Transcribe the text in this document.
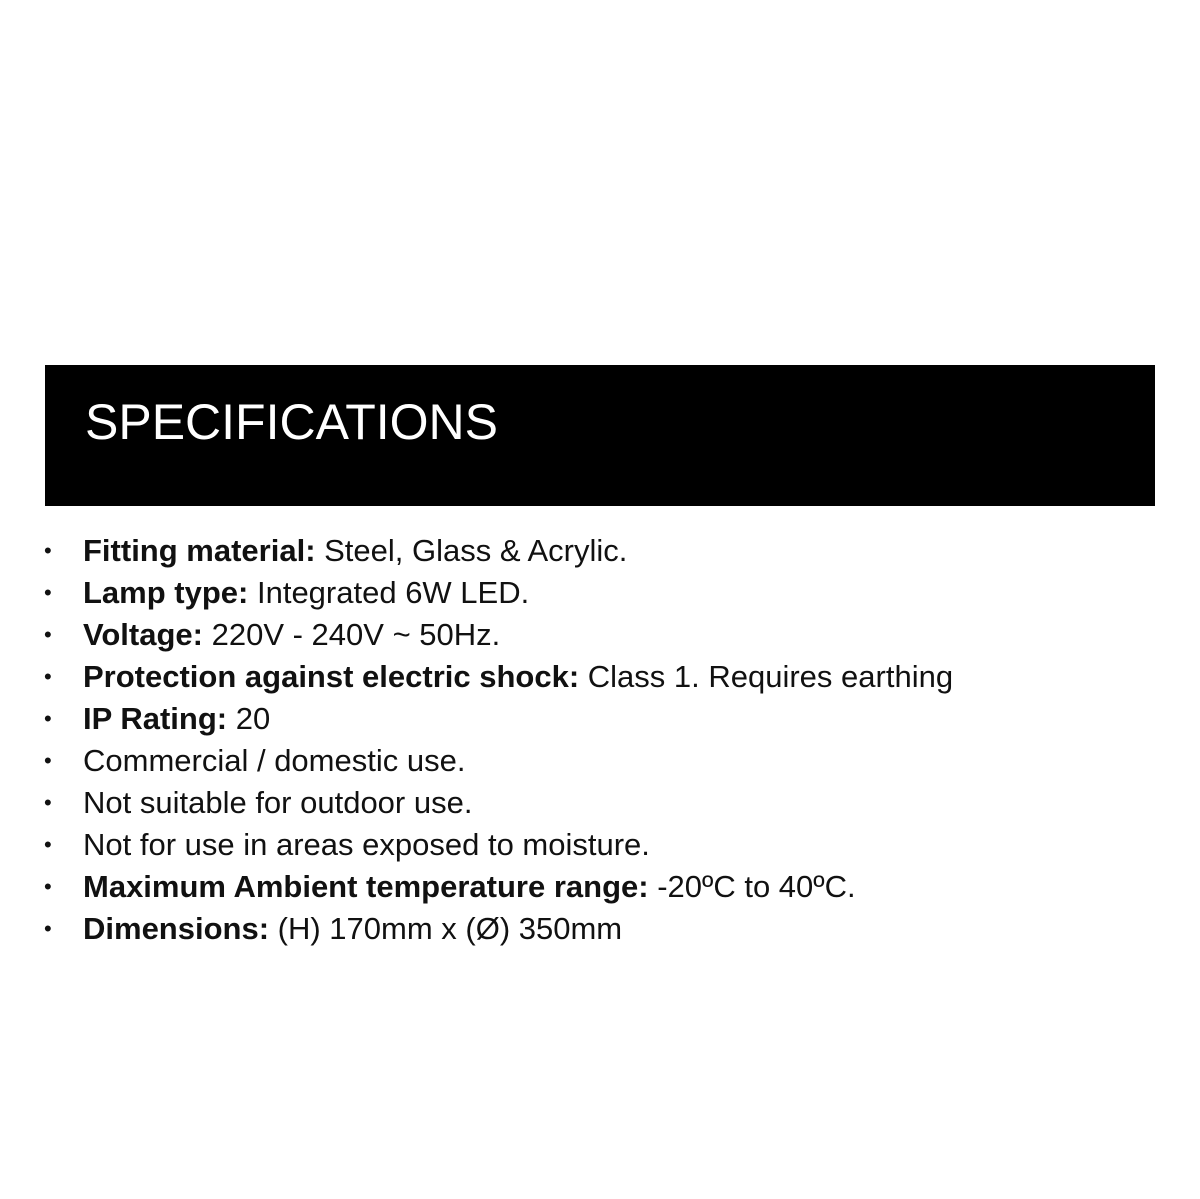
SPECIFICATIONS
• Fitting material: Steel, Glass & Acrylic.
• Lamp type: Integrated 6W LED.
• Voltage: 220V - 240V ~ 50Hz.
• Protection against electric shock: Class 1. Requires earthing
• IP Rating: 20
• Commercial / domestic use.
• Not suitable for outdoor use.
• Not for use in areas exposed to moisture.
• Maximum Ambient temperature range: -20ºC to 40ºC.
• Dimensions: (H) 170mm x (Ø) 350mm
